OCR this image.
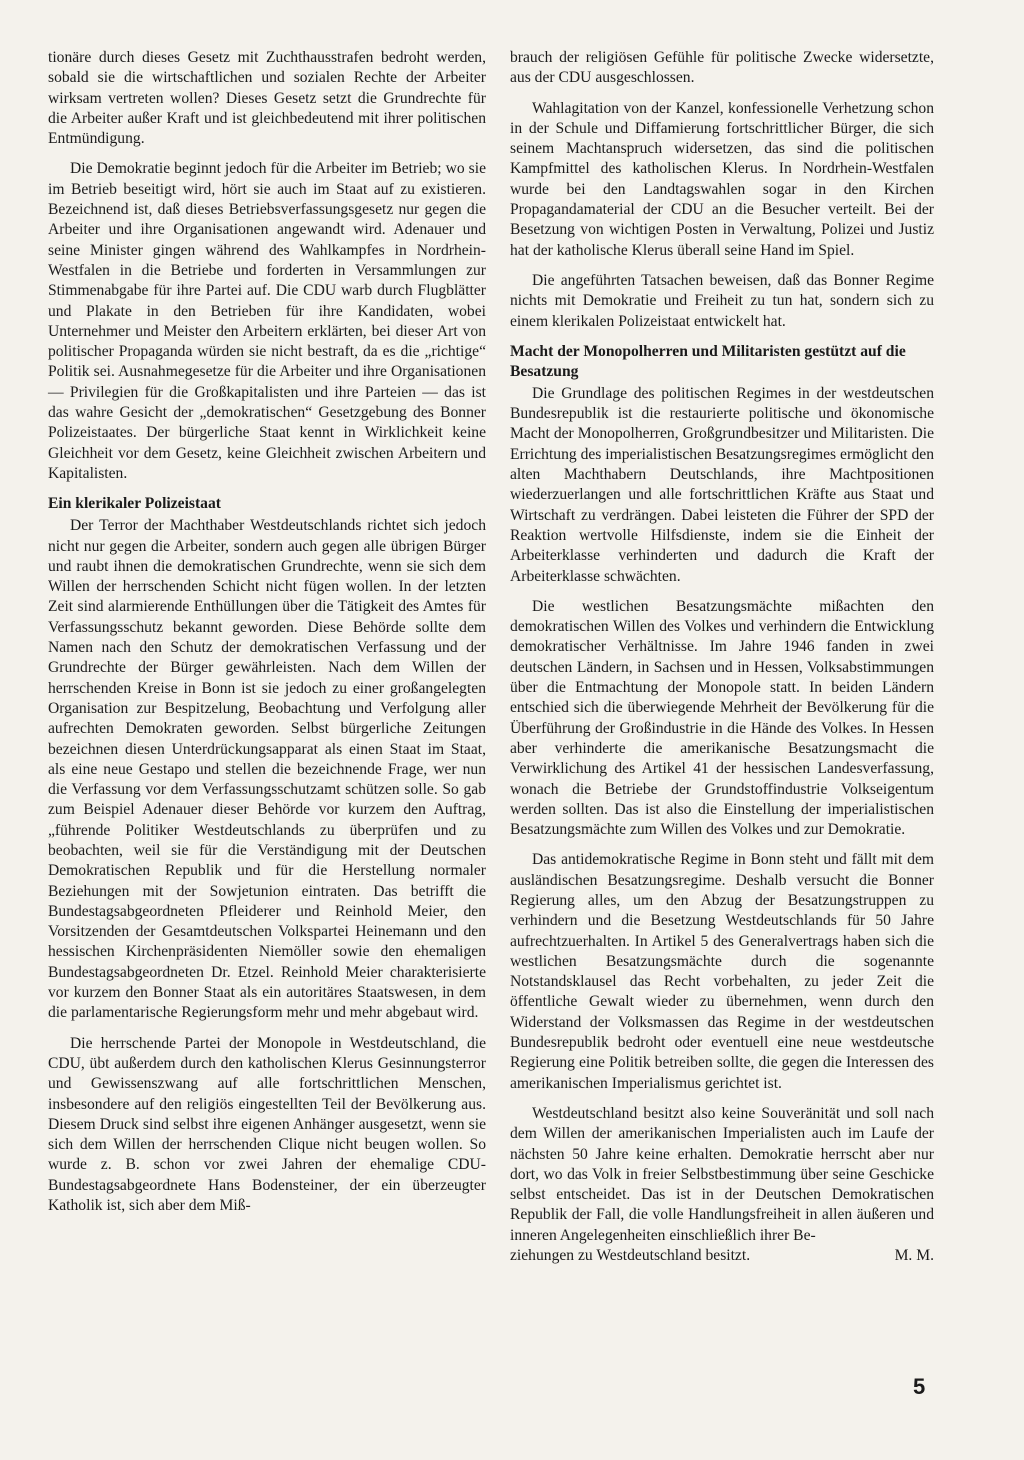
tionäre durch dieses Gesetz mit Zuchthausstrafen bedroht werden, sobald sie die wirtschaftlichen und sozialen Rechte der Arbeiter wirksam vertreten wollen? Dieses Gesetz setzt die Grundrechte für die Arbeiter außer Kraft und ist gleichbedeutend mit ihrer politischen Entmündigung.

Die Demokratie beginnt jedoch für die Arbeiter im Betrieb; wo sie im Betrieb beseitigt wird, hört sie auch im Staat auf zu existieren. Bezeichnend ist, daß dieses Betriebsverfassungsgesetz nur gegen die Arbeiter und ihre Organisationen angewandt wird. Adenauer und seine Minister gingen während des Wahlkampfes in Nordrhein-Westfalen in die Betriebe und forderten in Versammlungen zur Stimmenabgabe für ihre Partei auf. Die CDU warb durch Flugblätter und Plakate in den Betrieben für ihre Kandidaten, wobei Unternehmer und Meister den Arbeitern erklärten, bei dieser Art von politischer Propaganda würden sie nicht bestraft, da es die „richtige“ Politik sei. Ausnahmegesetze für die Arbeiter und ihre Organisationen — Privilegien für die Großkapitalisten und ihre Parteien — das ist das wahre Gesicht der „demokratischen“ Gesetzgebung des Bonner Polizeistaates. Der bürgerliche Staat kennt in Wirklichkeit keine Gleichheit vor dem Gesetz, keine Gleichheit zwischen Arbeitern und Kapitalisten.

Ein klerikaler Polizeistaat

Der Terror der Machthaber Westdeutschlands richtet sich jedoch nicht nur gegen die Arbeiter, sondern auch gegen alle übrigen Bürger und raubt ihnen die demokratischen Grundrechte, wenn sie sich dem Willen der herrschenden Schicht nicht fügen wollen. In der letzten Zeit sind alarmierende Enthüllungen über die Tätigkeit des Amtes für Verfassungsschutz bekannt geworden. Diese Behörde sollte dem Namen nach den Schutz der demokratischen Verfassung und der Grundrechte der Bürger gewährleisten. Nach dem Willen der herrschenden Kreise in Bonn ist sie jedoch zu einer großangelegten Organisation zur Bespitzelung, Beobachtung und Verfolgung aller aufrechten Demokraten geworden. Selbst bürgerliche Zeitungen bezeichnen diesen Unterdrückungsapparat als einen Staat im Staat, als eine neue Gestapo und stellen die bezeichnende Frage, wer nun die Verfassung vor dem Verfassungsschutzamt schützen solle. So gab zum Beispiel Adenauer dieser Behörde vor kurzem den Auftrag, „führende Politiker Westdeutschlands zu überprüfen und zu beobachten, weil sie für die Verständigung mit der Deutschen Demokratischen Republik und für die Herstellung normaler Beziehungen mit der Sowjetunion eintraten. Das betrifft die Bundestagsabgeordneten Pfleiderer und Reinhold Meier, den Vorsitzenden der Gesamtdeutschen Volkspartei Heinemann und den hessischen Kirchenpräsidenten Niemöller sowie den ehemaligen Bundestagsabgeordneten Dr. Etzel. Reinhold Meier charakterisierte vor kurzem den Bonner Staat als ein autoritäres Staatswesen, in dem die parlamentarische Regierungsform mehr und mehr abgebaut wird.

Die herrschende Partei der Monopole in Westdeutschland, die CDU, übt außerdem durch den katholischen Klerus Gesinnungsterror und Gewissenszwang auf alle fortschrittlichen Menschen, insbesondere auf den religiös eingestellten Teil der Bevölkerung aus. Diesem Druck sind selbst ihre eigenen Anhänger ausgesetzt, wenn sie sich dem Willen der herrschenden Clique nicht beugen wollen. So wurde z. B. schon vor zwei Jahren der ehemalige CDU-Bundestagsabgeordnete Hans Bodensteiner, der ein überzeugter Katholik ist, sich aber dem Miß-

brauch der religiösen Gefühle für politische Zwecke widersetzte, aus der CDU ausgeschlossen.

Wahlagitation von der Kanzel, konfessionelle Verhetzung schon in der Schule und Diffamierung fortschrittlicher Bürger, die sich seinem Machtanspruch widersetzen, das sind die politischen Kampfmittel des katholischen Klerus. In Nordrhein-Westfalen wurde bei den Landtagswahlen sogar in den Kirchen Propagandamaterial der CDU an die Besucher verteilt. Bei der Besetzung von wichtigen Posten in Verwaltung, Polizei und Justiz hat der katholische Klerus überall seine Hand im Spiel.

Die angeführten Tatsachen beweisen, daß das Bonner Regime nichts mit Demokratie und Freiheit zu tun hat, sondern sich zu einem klerikalen Polizeistaat entwickelt hat.

Macht der Monopolherren und Militaristen gestützt auf die Besatzung

Die Grundlage des politischen Regimes in der westdeutschen Bundesrepublik ist die restaurierte politische und ökonomische Macht der Monopolherren, Großgrundbesitzer und Militaristen. Die Errichtung des imperialistischen Besatzungsregimes ermöglicht den alten Machthabern Deutschlands, ihre Machtpositionen wiederzuerlangen und alle fortschrittlichen Kräfte aus Staat und Wirtschaft zu verdrängen. Dabei leisteten die Führer der SPD der Reaktion wertvolle Hilfsdienste, indem sie die Einheit der Arbeiterklasse verhinderten und dadurch die Kraft der Arbeiterklasse schwächten.

Die westlichen Besatzungsmächte mißachten den demokratischen Willen des Volkes und verhindern die Entwicklung demokratischer Verhältnisse. Im Jahre 1946 fanden in zwei deutschen Ländern, in Sachsen und in Hessen, Volksabstimmungen über die Entmachtung der Monopole statt. In beiden Ländern entschied sich die überwiegende Mehrheit der Bevölkerung für die Überführung der Großindustrie in die Hände des Volkes. In Hessen aber verhinderte die amerikanische Besatzungsmacht die Verwirklichung des Artikel 41 der hessischen Landesverfassung, wonach die Betriebe der Grundstoffindustrie Volkseigentum werden sollten. Das ist also die Einstellung der imperialistischen Besatzungsmächte zum Willen des Volkes und zur Demokratie.

Das antidemokratische Regime in Bonn steht und fällt mit dem ausländischen Besatzungsregime. Deshalb versucht die Bonner Regierung alles, um den Abzug der Besatzungstruppen zu verhindern und die Besetzung Westdeutschlands für 50 Jahre aufrechtzuerhalten. In Artikel 5 des Generalvertrags haben sich die westlichen Besatzungsmächte durch die sogenannte Notstandsklausel das Recht vorbehalten, zu jeder Zeit die öffentliche Gewalt wieder zu übernehmen, wenn durch den Widerstand der Volksmassen das Regime in der westdeutschen Bundesrepublik bedroht oder eventuell eine neue westdeutsche Regierung eine Politik betreiben sollte, die gegen die Interessen des amerikanischen Imperialismus gerichtet ist.

Westdeutschland besitzt also keine Souveränität und soll nach dem Willen der amerikanischen Imperialisten auch im Laufe der nächsten 50 Jahre keine erhalten. Demokratie herrscht aber nur dort, wo das Volk in freier Selbstbestimmung über seine Geschicke selbst entscheidet. Das ist in der Deutschen Demokratischen Republik der Fall, die volle Handlungsfreiheit in allen äußeren und inneren Angelegenheiten einschließlich ihrer Be-

ziehungen zu Westdeutschland besitzt.	M. M.
5
